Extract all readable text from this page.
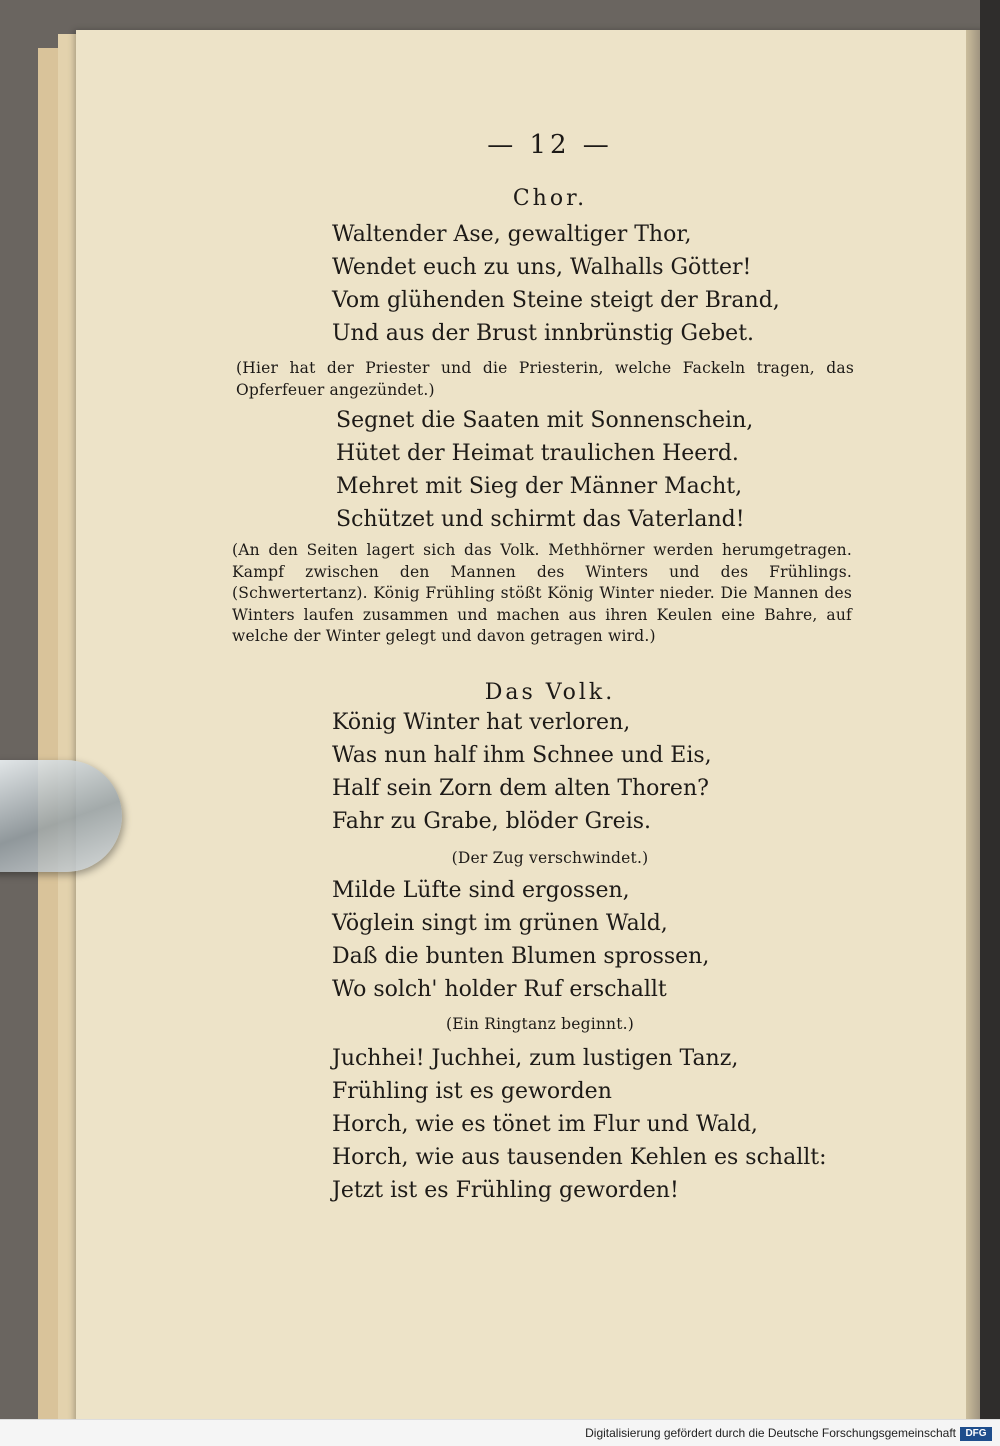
— 12 —
Chor.
Waltender Ase, gewaltiger Thor,
Wendet euch zu uns, Walhalls Götter!
Vom glühenden Steine steigt der Brand,
Und aus der Brust innbrünstig Gebet.
(Hier hat der Priester und die Priesterin, welche Fackeln tragen, das Opferfeuer angezündet.)
Segnet die Saaten mit Sonnenschein,
Hütet der Heimat traulichen Heerd.
Mehret mit Sieg der Männer Macht,
Schützet und schirmt das Vaterland!
(An den Seiten lagert sich das Volk. Methhörner werden herumgetragen. Kampf zwischen den Mannen des Winters und des Frühlings. (Schwertertanz). König Frühling stößt König Winter nieder. Die Mannen des Winters laufen zusammen und machen aus ihren Keulen eine Bahre, auf welche der Winter gelegt und davon getragen wird.)
Das Volk.
König Winter hat verloren,
Was nun half ihm Schnee und Eis,
Half sein Zorn dem alten Thoren?
Fahr zu Grabe, blöder Greis.
(Der Zug verschwindet.)
Milde Lüfte sind ergossen,
Vöglein singt im grünen Wald,
Daß die bunten Blumen sprossen,
Wo solch' holder Ruf erschallt
(Ein Ringtanz beginnt.)
Juchhei! Juchhei, zum lustigen Tanz,
Frühling ist es geworden
Horch, wie es tönet im Flur und Wald,
Horch, wie aus tausenden Kehlen es schallt:
Jetzt ist es Frühling geworden!
Digitalisierung gefördert durch die Deutsche Forschungsgemeinschaft DFG
